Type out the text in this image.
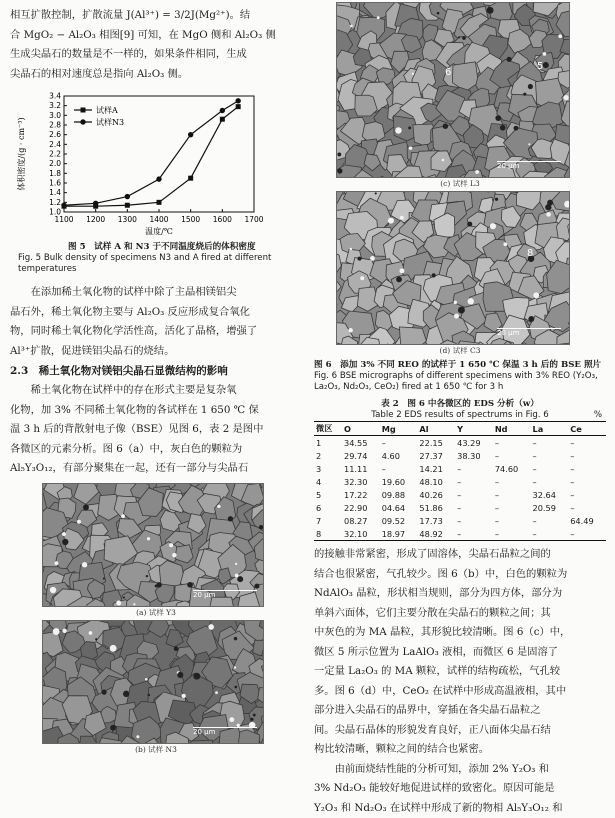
相互扩散控制，扩散流量 J(Al³⁺) = 3/2J(Mg²⁺)。结

合 MgO₂ − Al₂O₃ 相图[9] 可知，在 MgO 侧和 Al₂O₃ 侧

生成尖晶石的数量是不一样的，如果条件相同，生成

尖晶石的相对速度总是指向 Al₂O₃ 侧。

1100 1200 1300 1400 1500 1600 1700
1.0
1.2
1.4
1.6
1.8
2.0
2.2
2.4
2.6
2.8
3.0
3.2
3.4
温度/℃
体积密度/(g · cm⁻³)
试样A
试样N3

图 5　试样 A 和 N3 于不同温度烧后的体积密度

Fig. 5 Bulk density of specimens N3 and A fired at different temperatures

在添加稀土氧化物的试样中除了主晶相镁铝尖

晶石外，稀土氧化物主要与 Al₂O₃ 反应形成复合氧化

物，同时稀土氧化物化学活性高，活化了晶格，增强了

Al³⁺扩散，促进镁铝尖晶石的烧结。

2.3　稀土氧化物对镁铝尖晶石显微结构的影响

稀土氧化物在试样中的存在形式主要是复杂氧

化物，加 3% 不同稀土氧化物的各试样在 1 650 ℃ 保

温 3 h 后的背散射电子像（BSE）见图 6，表 2 是图中

各微区的元素分析。图 6（a）中，灰白色的颗粒为

Al₅Y₃O₁₂，有部分聚集在一起，还有一部分与尖晶石

20 μm

(a) 试样 Y3

20 μm

(b) 试样 N3

6
5
20 μm

(c) 试样 L3

8
20 μm

(d) 试样 C3

图 6　添加 3% 不同 REO 的试样于 1 650 ℃ 保温 3 h 后的 BSE 照片

Fig. 6 BSE micrographs of different specimens with 3% REO (Y₂O₃, La₂O₃, Nd₂O₃, CeO₂) fired at 1 650 ℃ for 3 h

表 2　图 6 中各微区的 EDS 分析（w）

Table 2 EDS results of spectrums in Fig. 6	%
微区	O	Mg	Al	Y	Nd	La	Ce
1	34.55	–	22.15	43.29	–	–	–
2	29.74	4.60	27.37	38.30	–	–	–
3	11.11	–	14.21	–	74.60	–	–
4	32.30	19.60	48.10	–	–	–	–
5	17.22	09.88	40.26	–	–	32.64	–
6	22.90	04.64	51.86	–	–	20.59	–
7	08.27	09.52	17.73	–	–	–	64.49
8	32.10	18.97	48.92	–	–	–	–

的接触非常紧密，形成了固溶体，尖晶石晶粒之间的

结合也很紧密，气孔较少。图 6（b）中，白色的颗粒为

NdAlO₃ 晶粒，形状相当规则，部分为四方体，部分为

单斜六面体，它们主要分散在尖晶石的颗粒之间；其

中灰色的为 MA 晶粒，其形貌比较清晰。图 6（c）中，

微区 5 所示位置为 LaAlO₃ 液相，而微区 6 是固溶了

一定量 La₂O₃ 的 MA 颗粒，试样的结构疏松，气孔较

多。图 6（d）中，CeO₂ 在试样中形成高温液相，其中

部分进入尖晶石的晶界中，穿插在各尖晶石晶粒之

间。尖晶石晶体的形貌发育良好，正八面体尖晶石结

构比较清晰，颗粒之间的结合也紧密。

由前面烧结性能的分析可知，添加 2% Y₂O₃ 和

3% Nd₂O₃ 能较好地促进试样的致密化。原因可能是

Y₂O₃ 和 Nd₂O₃ 在试样中形成了新的物相 Al₅Y₃O₁₂ 和
